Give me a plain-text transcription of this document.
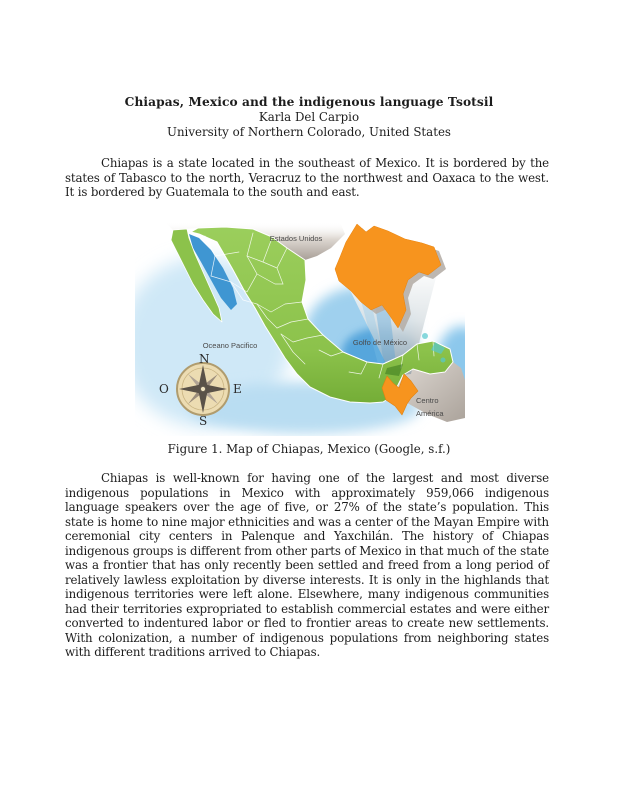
Chiapas, Mexico and the indigenous language Tsotsil
Karla Del Carpio
University of Northern Colorado, United States
Chiapas is a state located in the southeast of Mexico. It is bordered by the states of Tabasco to the north, Veracruz to the northwest and Oaxaca to the west. It is bordered by Guatemala to the south and east.
N
S
E
O
Estados Unidos
Oceano Pacifico	Golfo de México
Centro
América
Figure 1. Map of Chiapas, Mexico (Google, s.f.)
Chiapas is well-known for having one of the largest and most diverse indigenous populations in Mexico with approximately 959,066 indigenous language speakers over the age of five, or 27% of the state’s population. This state is home to nine major ethnicities and was a center of the Mayan Empire with ceremonial city centers in Palenque and Yaxchilán. The history of Chiapas indigenous groups is different from other parts of Mexico in that much of the state was a frontier that has only recently been settled and freed from a long period of relatively lawless exploitation by diverse interests. It is only in the highlands that indigenous territories were left alone. Elsewhere, many indigenous communities had their territories expropriated to establish commercial estates and were either converted to indentured labor or fled to frontier areas to create new settlements. With colonization, a number of indigenous populations from neighboring states with different traditions arrived to Chiapas.
